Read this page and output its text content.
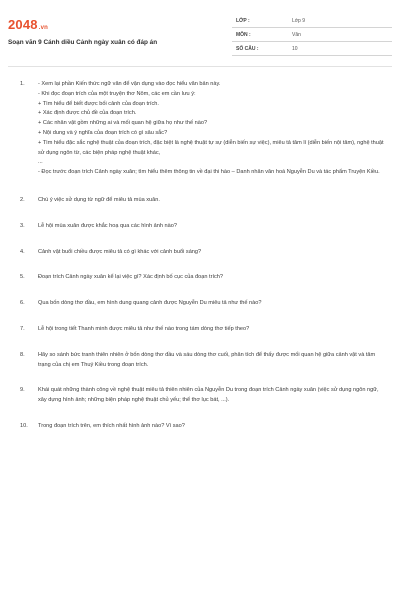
2048.vn
Soạn văn 9 Cánh diều Cảnh ngày xuân có đáp án
LỚP :	Lớp 9
MÔN :	Văn
SỐ CÂU :	10
1. - Xem lại phần Kiến thức ngữ văn để vận dụng vào đọc hiểu văn bản này.
- Khi đọc đoạn trích của một truyện thơ Nôm, các em cần lưu ý:
+ Tìm hiểu để biết được bối cảnh của đoạn trích.
+ Xác định được chủ đề của đoạn trích.
+ Các nhân vật gồm những ai và mối quan hệ giữa họ như thế nào?
+ Nội dung và ý nghĩa của đoạn trích có gì sâu sắc?
+ Tìm hiểu đặc sắc nghệ thuật của đoạn trích, đặc biệt là nghệ thuật tự sự (diễn biến sự việc), miêu tả tâm lí (diễn biến nội tâm), nghệ thuật sử dụng ngôn từ, các biện pháp nghệ thuật khác,
...
- Đọc trước đoạn trích Cảnh ngày xuân; tìm hiểu thêm thông tin về đại thi hào – Danh nhân văn hoá Nguyễn Du và tác phẩm Truyện Kiều.
2. Chú ý việc sử dụng từ ngữ để miêu tả mùa xuân.
3. Lễ hội mùa xuân được khắc hoạ qua các hình ảnh nào?
4. Cảnh vật buổi chiều được miêu tả có gì khác với cảnh buổi sáng?
5. Đoạn trích Cảnh ngày xuân kể lại việc gì? Xác định bố cục của đoạn trích?
6. Qua bốn dòng thơ đầu, em hình dung quang cảnh được Nguyễn Du miêu tả như thế nào?
7. Lễ hội trong tiết Thanh minh được miêu tả như thế nào trong tám dòng thơ tiếp theo?
8. Hãy so sánh bức tranh thiên nhiên ở bốn dòng thơ đầu và sáu dòng thơ cuối, phân tích để thấy được mối quan hệ giữa cảnh vật và tâm trạng của chị em Thuý Kiều trong đoạn trích.
9. Khái quát những thành công về nghệ thuật miêu tả thiên nhiên của Nguyễn Du trong đoạn trích Cảnh ngày xuân (việc sử dụng ngôn ngữ, xây dựng hình ảnh; những biện pháp nghệ thuật chủ yếu; thể thơ lục bát, ...).
10. Trong đoạn trích trên, em thích nhất hình ảnh nào? Vì sao?
